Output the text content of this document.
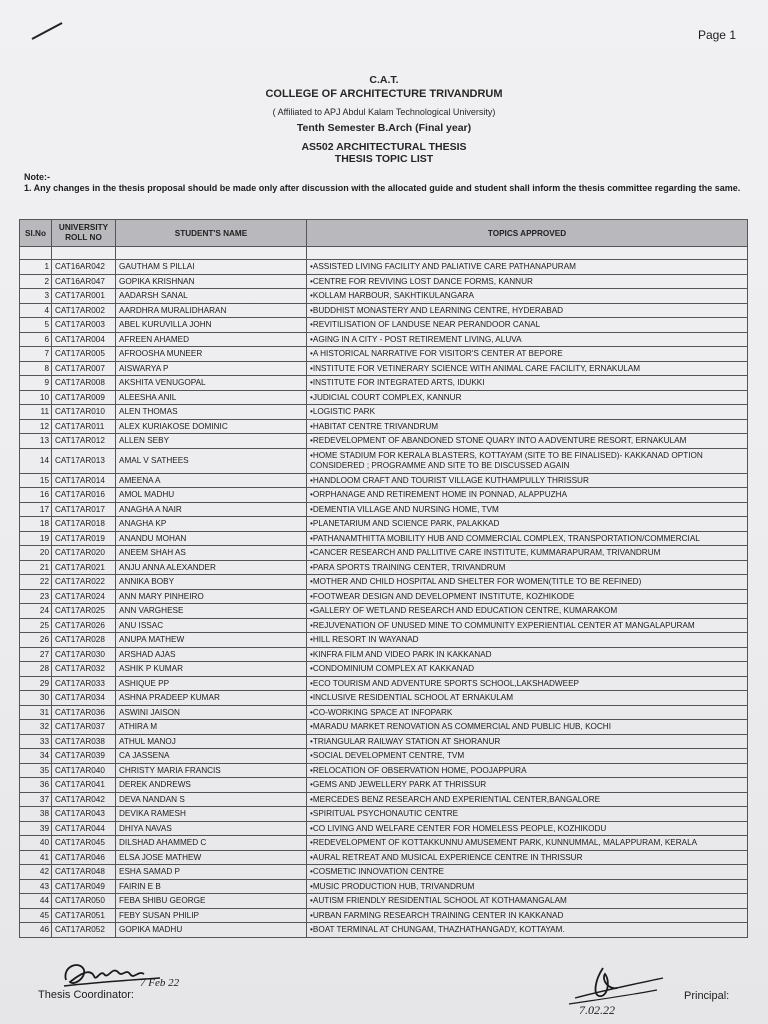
Page 1
C.A.T.
COLLEGE OF ARCHITECTURE TRIVANDRUM
( Affiliated to APJ Abdul Kalam Technological University)
Tenth Semester B.Arch (Final year)
AS502 ARCHITECTURAL THESIS
THESIS TOPIC LIST
Note:-
1. Any changes in the thesis proposal should be made only after discussion with the allocated guide and student shall inform the thesis committee regarding the same.
Sl.No	UNIVERSITY ROLL NO	STUDENT'S NAME	TOPICS APPROVED

1	CAT16AR042	GAUTHAM S PILLAI	•ASSISTED LIVING FACILITY AND PALIATIVE CARE PATHANAPURAM
2	CAT16AR047	GOPIKA KRISHNAN	•CENTRE FOR REVIVING LOST DANCE FORMS, KANNUR
3	CAT17AR001	AADARSH SANAL	•KOLLAM HARBOUR, SAKHTIKULANGARA
4	CAT17AR002	AARDHRA MURALIDHARAN	•BUDDHIST MONASTERY AND LEARNING CENTRE, HYDERABAD
5	CAT17AR003	ABEL KURUVILLA JOHN	•REVITILISATION OF LANDUSE NEAR PERANDOOR CANAL
6	CAT17AR004	AFREEN AHAMED	•AGING IN A CITY - POST RETIREMENT LIVING, ALUVA
7	CAT17AR005	AFROOSHA MUNEER	•A HISTORICAL NARRATIVE FOR VISITOR'S CENTER AT BEPORE
8	CAT17AR007	AISWARYA P	•INSTITUTE FOR VETINERARY SCIENCE WITH ANIMAL CARE FACILITY, ERNAKULAM
9	CAT17AR008	AKSHITA VENUGOPAL	•INSTITUTE FOR INTEGRATED ARTS, IDUKKI
10	CAT17AR009	ALEESHA ANIL	•JUDICIAL COURT COMPLEX, KANNUR
11	CAT17AR010	ALEN THOMAS	•LOGISTIC PARK
12	CAT17AR011	ALEX KURIAKOSE DOMINIC	•HABITAT CENTRE TRIVANDRUM
13	CAT17AR012	ALLEN SEBY	•REDEVELOPMENT OF ABANDONED STONE QUARY INTO A ADVENTURE RESORT, ERNAKULAM
14	CAT17AR013	AMAL V SATHEES	•HOME STADIUM FOR KERALA BLASTERS, KOTTAYAM (SITE TO BE FINALISED)- KAKKANAD OPTION CONSIDERED ; PROGRAMME AND SITE TO BE DISCUSSED AGAIN
15	CAT17AR014	AMEENA A	•HANDLOOM CRAFT AND TOURIST VILLAGE KUTHAMPULLY THRISSUR
16	CAT17AR016	AMOL MADHU	•ORPHANAGE AND RETIREMENT HOME IN PONNAD, ALAPPUZHA
17	CAT17AR017	ANAGHA A NAIR	•DEMENTIA VILLAGE AND NURSING HOME, TVM
18	CAT17AR018	ANAGHA KP	•PLANETARIUM AND SCIENCE PARK, PALAKKAD
19	CAT17AR019	ANANDU MOHAN	•PATHANAMTHITTA MOBILITY HUB AND COMMERCIAL COMPLEX, TRANSPORTATION/COMMERCIAL
20	CAT17AR020	ANEEM SHAH AS	•CANCER RESEARCH AND PALLITIVE CARE INSTITUTE, KUMMARAPURAM, TRIVANDRUM
21	CAT17AR021	ANJU ANNA ALEXANDER	•PARA SPORTS TRAINING CENTER, TRIVANDRUM
22	CAT17AR022	ANNIKA BOBY	•MOTHER AND CHILD HOSPITAL AND SHELTER FOR WOMEN(TITLE TO BE REFINED)
23	CAT17AR024	ANN MARY PINHEIRO	•FOOTWEAR DESIGN AND DEVELOPMENT INSTITUTE, KOZHIKODE
24	CAT17AR025	ANN VARGHESE	•GALLERY OF WETLAND RESEARCH AND EDUCATION CENTRE, KUMARAKOM
25	CAT17AR026	ANU ISSAC	•REJUVENATION OF UNUSED MINE TO COMMUNITY EXPERIENTIAL CENTER AT MANGALAPURAM
26	CAT17AR028	ANUPA MATHEW	•HILL RESORT IN WAYANAD
27	CAT17AR030	ARSHAD AJAS	•KINFRA FILM AND VIDEO PARK IN KAKKANAD
28	CAT17AR032	ASHIK P KUMAR	•CONDOMINIUM COMPLEX AT KAKKANAD
29	CAT17AR033	ASHIQUE PP	•ECO TOURISM AND ADVENTURE SPORTS SCHOOL,LAKSHADWEEP
30	CAT17AR034	ASHNA PRADEEP KUMAR	•INCLUSIVE RESIDENTIAL SCHOOL AT ERNAKULAM
31	CAT17AR036	ASWINI JAISON	•CO-WORKING SPACE AT INFOPARK
32	CAT17AR037	ATHIRA M	•MARADU MARKET RENOVATION AS COMMERCIAL AND PUBLIC HUB, KOCHI
33	CAT17AR038	ATHUL MANOJ	•TRIANGULAR RAILWAY STATION AT SHORANUR
34	CAT17AR039	CA JASSENA	•SOCIAL DEVELOPMENT CENTRE, TVM
35	CAT17AR040	CHRISTY MARIA FRANCIS	•RELOCATION OF OBSERVATION HOME, POOJAPPURA
36	CAT17AR041	DEREK ANDREWS	•GEMS AND JEWELLERY PARK AT THRISSUR
37	CAT17AR042	DEVA NANDAN S	•MERCEDES BENZ RESEARCH AND EXPERIENTIAL CENTER,BANGALORE
38	CAT17AR043	DEVIKA RAMESH	•SPIRITUAL PSYCHONAUTIC CENTRE
39	CAT17AR044	DHIYA NAVAS	•CO LIVING AND WELFARE CENTER FOR HOMELESS PEOPLE, KOZHIKODU
40	CAT17AR045	DILSHAD AHAMMED C	•REDEVELOPMENT OF KOTTAKKUNNU AMUSEMENT PARK, KUNNUMMAL, MALAPPURAM, KERALA
41	CAT17AR046	ELSA JOSE MATHEW	•AURAL RETREAT AND MUSICAL EXPERIENCE CENTRE IN THRISSUR
42	CAT17AR048	ESHA SAMAD P	•COSMETIC INNOVATION CENTRE
43	CAT17AR049	FAIRIN E B	•MUSIC PRODUCTION HUB, TRIVANDRUM
44	CAT17AR050	FEBA SHIBU GEORGE	•AUTISM FRIENDLY RESIDENTIAL SCHOOL AT KOTHAMANGALAM
45	CAT17AR051	FEBY SUSAN PHILIP	•URBAN FARMING RESEARCH TRAINING CENTER IN KAKKANAD
46	CAT17AR052	GOPIKA MADHU	•BOAT TERMINAL AT CHUNGAM, THAZHATHANGADY, KOTTAYAM.
7 Feb 22
Thesis Coordinator:
7.02.22
Principal:
